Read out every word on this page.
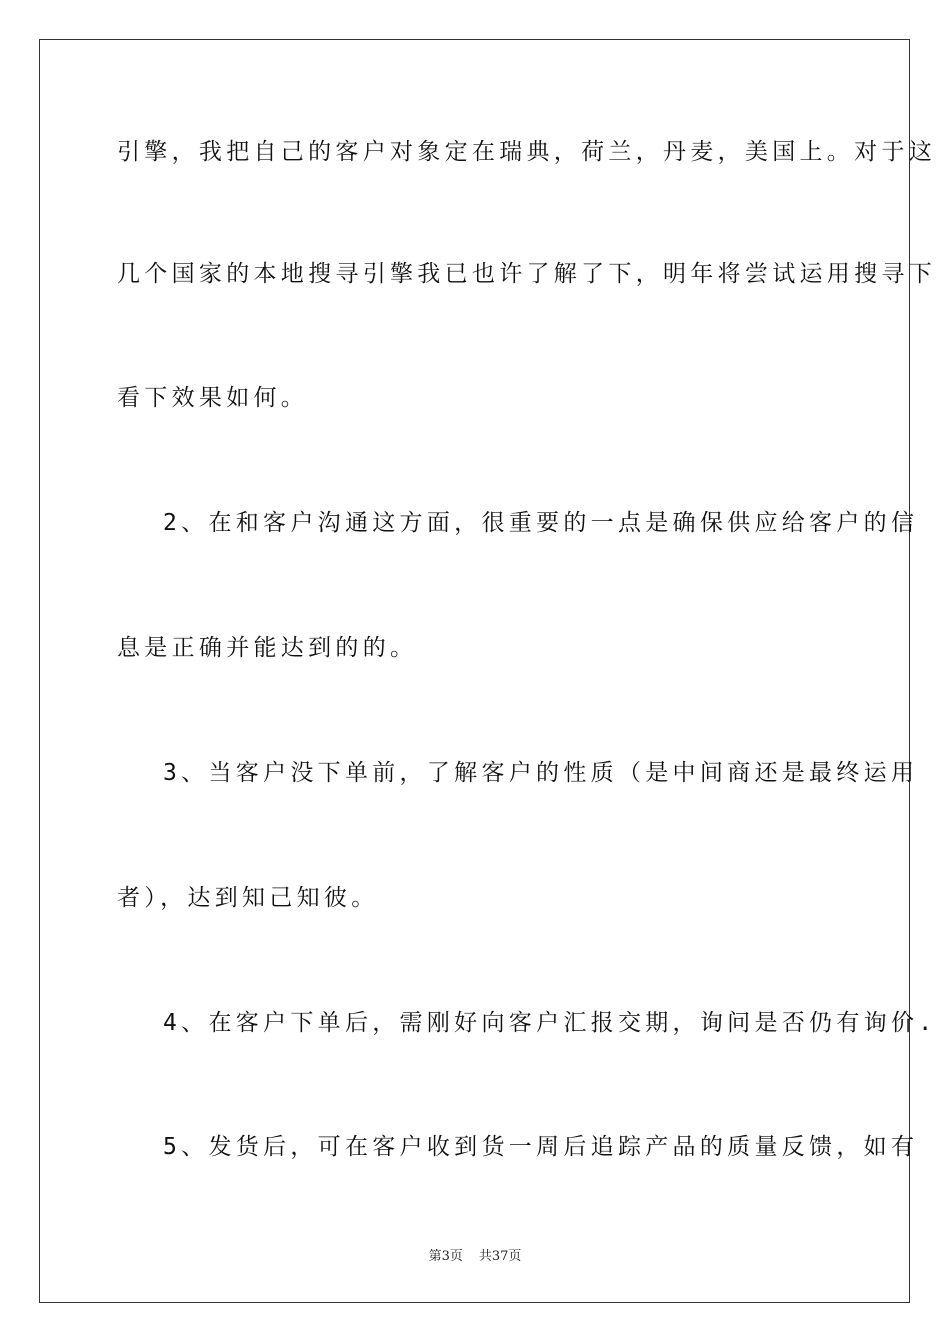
引擎，我把自己的客户对象定在瑞典，荷兰，丹麦，美国上。对于这
几个国家的本地搜寻引擎我已也许了解了下，明年将尝试运用搜寻下
看下效果如何。
2、在和客户沟通这方面，很重要的一点是确保供应给客户的信
息是正确并能达到的的。
3、当客户没下单前，了解客户的性质（是中间商还是最终运用
者），达到知己知彼。
4、在客户下单后，需刚好向客户汇报交期，询问是否仍有询价.
5、发货后，可在客户收到货一周后追踪产品的质量反馈，如有
第3页 共37页
